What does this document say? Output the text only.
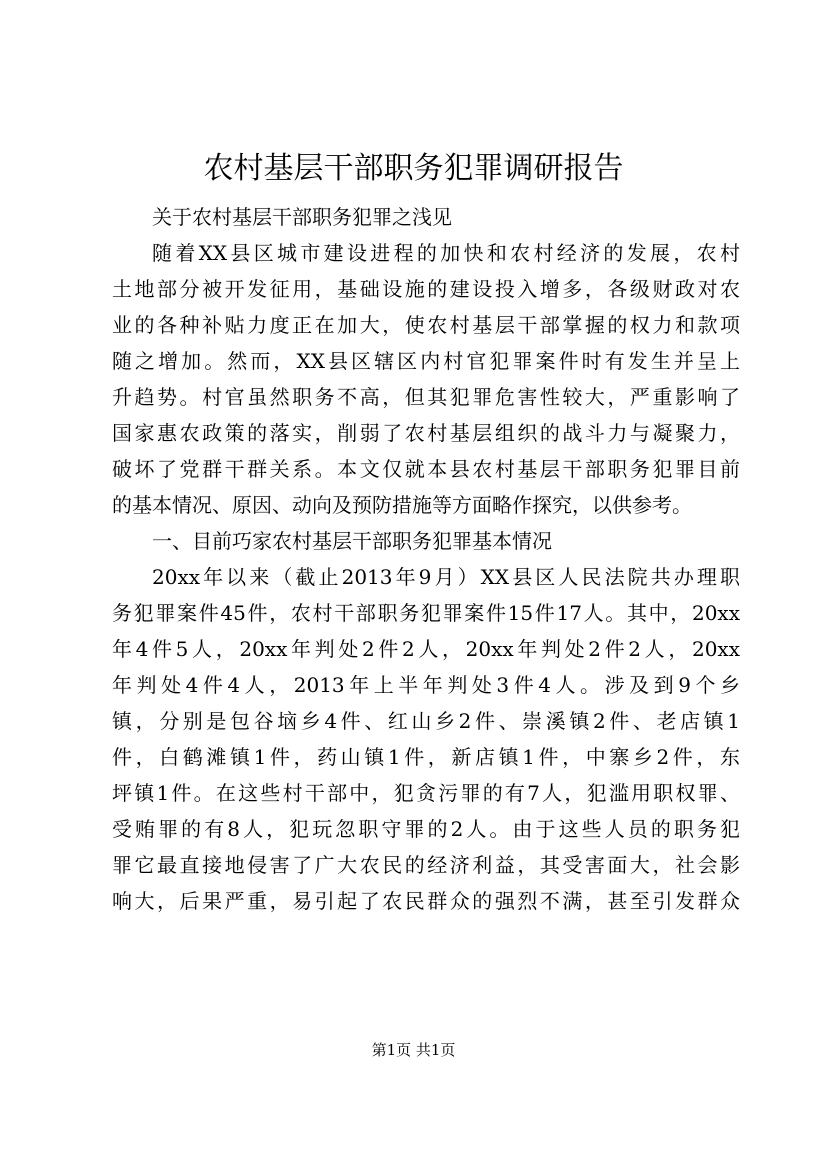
农村基层干部职务犯罪调研报告

关于农村基层干部职务犯罪之浅见

随着XX县区城市建设进程的加快和农村经济的发展，农村

土地部分被开发征用，基础设施的建设投入增多，各级财政对农

业的各种补贴力度正在加大，使农村基层干部掌握的权力和款项

随之增加。然而，XX县区辖区内村官犯罪案件时有发生并呈上

升趋势。村官虽然职务不高，但其犯罪危害性较大，严重影响了

国家惠农政策的落实，削弱了农村基层组织的战斗力与凝聚力，

破坏了党群干群关系。本文仅就本县农村基层干部职务犯罪目前

的基本情况、原因、动向及预防措施等方面略作探究，以供参考。

一、目前巧家农村基层干部职务犯罪基本情况

20xx年以来（截止2013年9月）XX县区人民法院共办理职

务犯罪案件45件，农村干部职务犯罪案件15件17人。其中，20xx

年4件5人，20xx年判处2件2人，20xx年判处2件2人，20xx

年判处4件4人，2013年上半年判处3件4人。涉及到9个乡

镇，分别是包谷垴乡4件、红山乡2件、崇溪镇2件、老店镇1

件，白鹤滩镇1件，药山镇1件，新店镇1件，中寨乡2件，东

坪镇1件。在这些村干部中，犯贪污罪的有7人，犯滥用职权罪、

受贿罪的有8人，犯玩忽职守罪的2人。由于这些人员的职务犯

罪它最直接地侵害了广大农民的经济利益，其受害面大，社会影

响大，后果严重，易引起了农民群众的强烈不满，甚至引发群众

第1页 共1页
